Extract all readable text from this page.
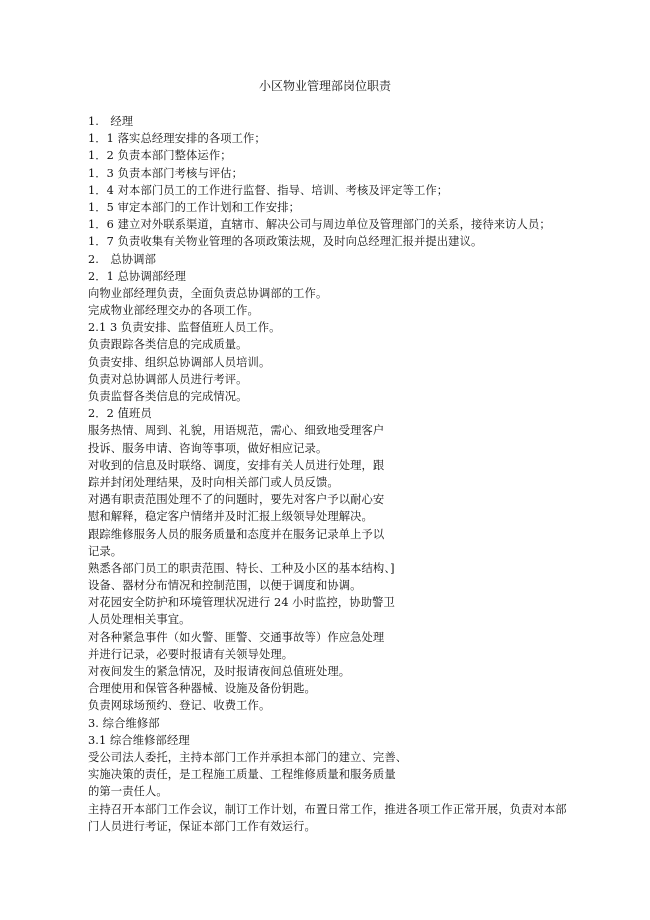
小区物业管理部岗位职责
1.　经理
1．1 落实总经理安排的各项工作；
1．2 负责本部门整体运作；
1．3 负责本部门考核与评估；
1．4 对本部门员工的工作进行监督、指导、培训、考核及评定等工作；
1．5 审定本部门的工作计划和工作安排；
1．6 建立对外联系渠道，直辖市、解决公司与周边单位及管理部门的关系，接待来访人员；
1．7 负责收集有关物业管理的各项政策法规，及时向总经理汇报并提出建议。
2.　总协调部
2．1 总协调部经理
向物业部经理负责，全面负责总协调部的工作。
完成物业部经理交办的各项工作。
2.1 3 负责安排、监督值班人员工作。
负责跟踪各类信息的完成质量。
负责安排、组织总协调部人员培训。
负责对总协调部人员进行考评。
负责监督各类信息的完成情况。
2．2 值班员
服务热情、周到、礼貌，用语规范，需心、细致地受理客户
投诉、服务申请、咨询等事项，做好相应记录。
对收到的信息及时联络、调度，安排有关人员进行处理，跟
踪并封闭处理结果，及时向相关部门或人员反馈。
对遇有职责范围处理不了的问题时，要先对客户予以耐心安
慰和解释，稳定客户情绪并及时汇报上级领导处理解决。
跟踪维修服务人员的服务质量和态度并在服务记录单上予以
记录。
熟悉各部门员工的职责范围、特长、工种及小区的基本结构、]
设备、器材分布情况和控制范围，以便于调度和协调。
对花园安全防护和环境管理状况进行 24 小时监控，协助警卫
人员处理相关事宜。
对各种紧急事件（如火警、匪警、交通事故等）作应急处理
并进行记录，必要时报请有关领导处理。
对夜间发生的紧急情况，及时报请夜间总值班处理。
合理使用和保管各种器械、设施及备份钥匙。
负责网球场预约、登记、收费工作。
3. 综合维修部
3.1 综合维修部经理
受公司法人委托，主持本部门工作并承担本部门的建立、完善、
实施决策的责任，是工程施工质量、工程维修质量和服务质量
的第一责任人。
主持召开本部门工作会议，制订工作计划，布置日常工作，推进各项工作正常开展，负责对本部
门人员进行考证，保证本部门工作有效运行。
